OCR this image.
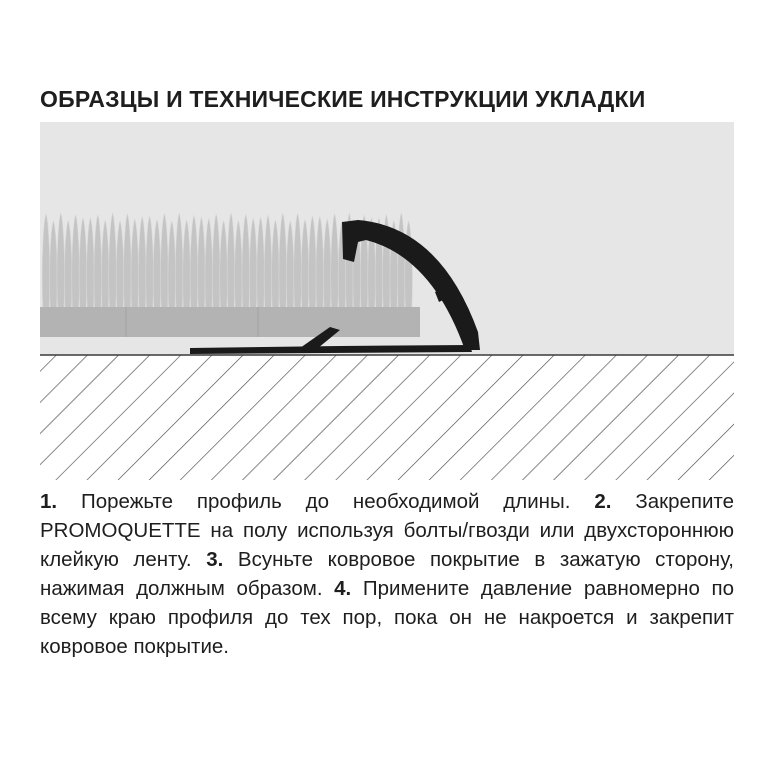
ОБРАЗЦЫ И ТЕХНИЧЕСКИЕ ИНСТРУКЦИИ УКЛАДКИ
1. Порежьте профиль до необходимой длины. 2. Закрепите PROMOQUETTE на полу используя болты/гвозди или двухстороннюю клейкую ленту. 3. Всуньте ковровое покрытие в зажатую сторону, нажимая должным образом. 4. Примените давление равномерно по всему краю профиля до тех пор, пока он не накроется и закрепит ковровое покрытие.
